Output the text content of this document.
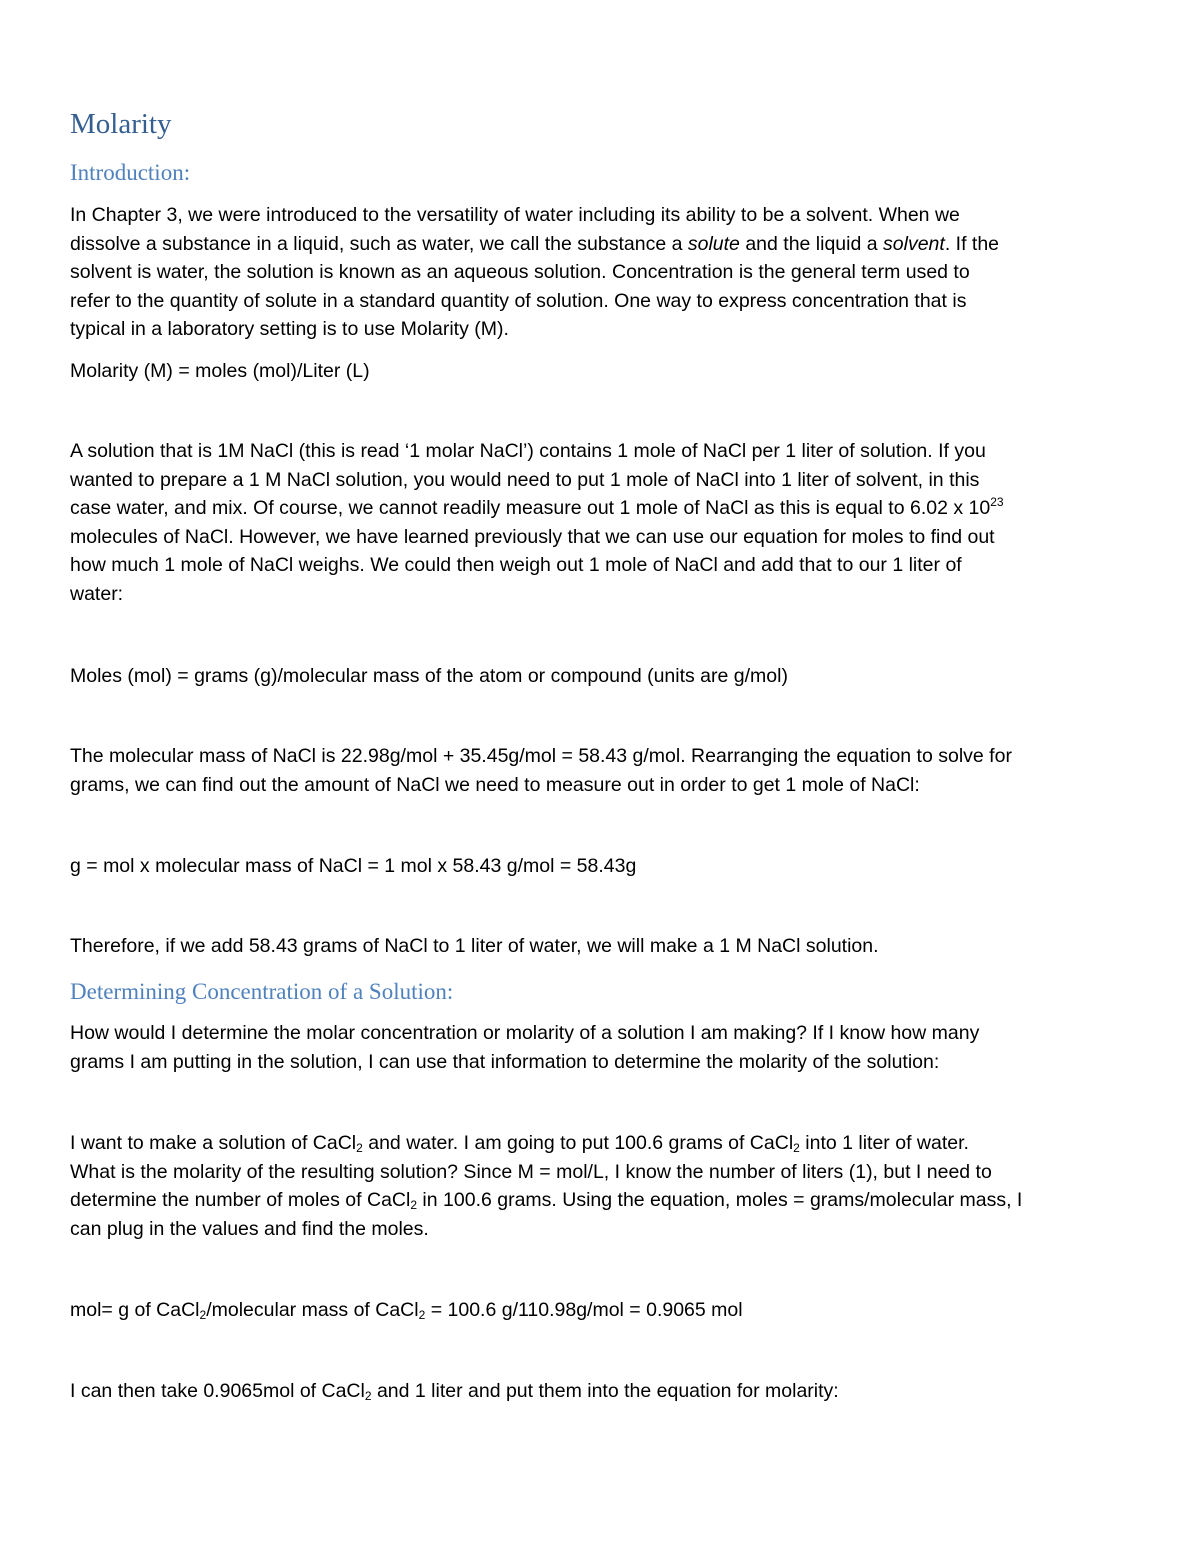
Molarity
Introduction:
In Chapter 3, we were introduced to the versatility of water including its ability to be a solvent. When we
dissolve a substance in a liquid, such as water, we call the substance a solute and the liquid a solvent. If the
solvent is water, the solution is known as an aqueous solution. Concentration is the general term used to
refer to the quantity of solute in a standard quantity of solution. One way to express concentration that is
typical in a laboratory setting is to use Molarity (M).
Molarity (M) = moles (mol)/Liter (L)
A solution that is 1M NaCl (this is read ‘1 molar NaCl’) contains 1 mole of NaCl per 1 liter of solution. If you
wanted to prepare a 1 M NaCl solution, you would need to put 1 mole of NaCl into 1 liter of solvent, in this
case water, and mix. Of course, we cannot readily measure out 1 mole of NaCl as this is equal to 6.02 x $10^{23}$
molecules of NaCl. However, we have learned previously that we can use our equation for moles to find out
how much 1 mole of NaCl weighs. We could then weigh out 1 mole of NaCl and add that to our 1 liter of
water:
Moles (mol) = grams (g)/molecular mass of the atom or compound (units are g/mol)
The molecular mass of NaCl is 22.98g/mol + 35.45g/mol = 58.43 g/mol. Rearranging the equation to solve for
grams, we can find out the amount of NaCl we need to measure out in order to get 1 mole of NaCl:
g = mol x molecular mass of NaCl = 1 mol x 58.43 g/mol = 58.43g
Therefore, if we add 58.43 grams of NaCl to 1 liter of water, we will make a 1 M NaCl solution.
Determining Concentration of a Solution:
How would I determine the molar concentration or molarity of a solution I am making? If I know how many
grams I am putting in the solution, I can use that information to determine the molarity of the solution:
I want to make a solution of CaCl$_2$ and water. I am going to put 100.6 grams of CaCl$_2$ into 1 liter of water.
What is the molarity of the resulting solution? Since M = mol/L, I know the number of liters (1), but I need to
determine the number of moles of CaCl$_2$ in 100.6 grams. Using the equation, moles = grams/molecular mass, I
can plug in the values and find the moles.
mol= g of CaCl$_2$/molecular mass of CaCl$_2$ = 100.6 g/110.98g/mol = 0.9065 mol
I can then take 0.9065mol of CaCl$_2$ and 1 liter and put them into the equation for molarity:
